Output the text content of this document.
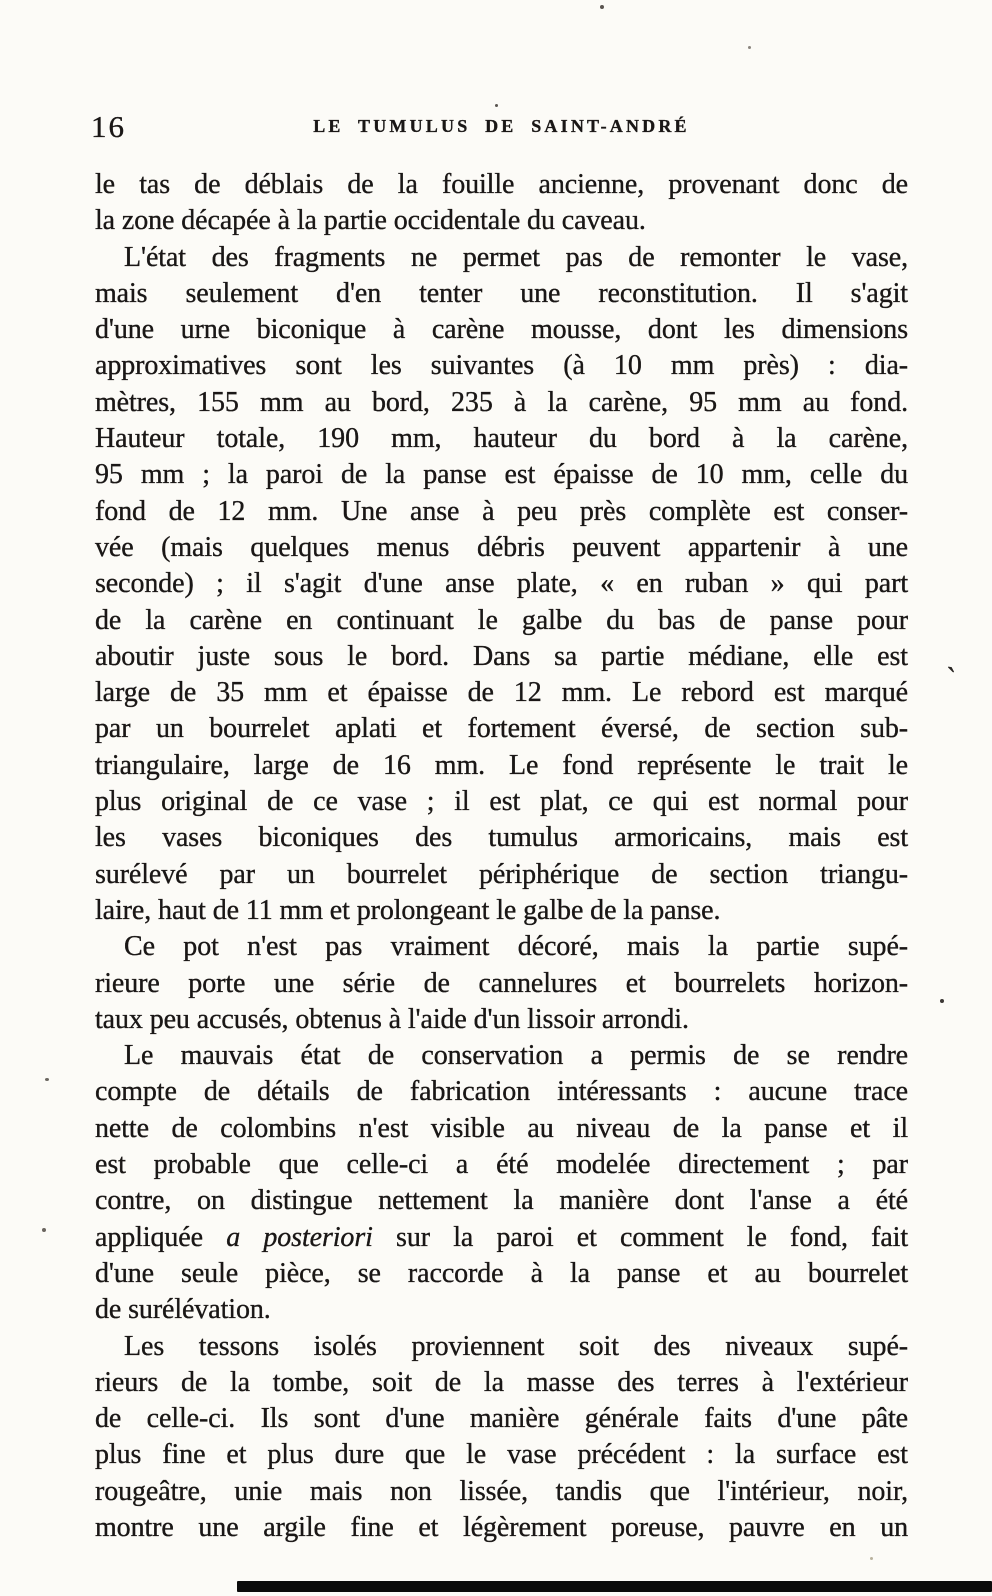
16	LE TUMULUS DE SAINT-ANDRÉ
le tas de déblais de la fouille ancienne, provenant donc de
la zone décapée à la partie occidentale du caveau.
L'état des fragments ne permet pas de remonter le vase,
mais seulement d'en tenter une reconstitution. Il s'agit
d'une urne biconique à carène mousse, dont les dimensions
approximatives sont les suivantes (à 10 mm près) : dia-
mètres, 155 mm au bord, 235 à la carène, 95 mm au fond.
Hauteur totale, 190 mm, hauteur du bord à la carène,
95 mm ; la paroi de la panse est épaisse de 10 mm, celle du
fond de 12 mm. Une anse à peu près complète est conser-
vée (mais quelques menus débris peuvent appartenir à une
seconde) ; il s'agit d'une anse plate, « en ruban » qui part
de la carène en continuant le galbe du bas de panse pour
aboutir juste sous le bord. Dans sa partie médiane, elle est
large de 35 mm et épaisse de 12 mm. Le rebord est marqué
par un bourrelet aplati et fortement éversé, de section sub-
triangulaire, large de 16 mm. Le fond représente le trait le
plus original de ce vase ; il est plat, ce qui est normal pour
les vases biconiques des tumulus armoricains, mais est
surélevé par un bourrelet périphérique de section triangu-
laire, haut de 11 mm et prolongeant le galbe de la panse.
Ce pot n'est pas vraiment décoré, mais la partie supé-
rieure porte une série de cannelures et bourrelets horizon-
taux peu accusés, obtenus à l'aide d'un lissoir arrondi.
Le mauvais état de conservation a permis de se rendre
compte de détails de fabrication intéressants : aucune trace
nette de colombins n'est visible au niveau de la panse et il
est probable que celle-ci a été modelée directement ; par
contre, on distingue nettement la manière dont l'anse a été
appliquée a posteriori sur la paroi et comment le fond, fait
d'une seule pièce, se raccorde à la panse et au bourrelet
de surélévation.
Les tessons isolés proviennent soit des niveaux supé-
rieurs de la tombe, soit de la masse des terres à l'extérieur
de celle-ci. Ils sont d'une manière générale faits d'une pâte
plus fine et plus dure que le vase précédent : la surface est
rougeâtre, unie mais non lissée, tandis que l'intérieur, noir,
montre une argile fine et légèrement poreuse, pauvre en un
`
